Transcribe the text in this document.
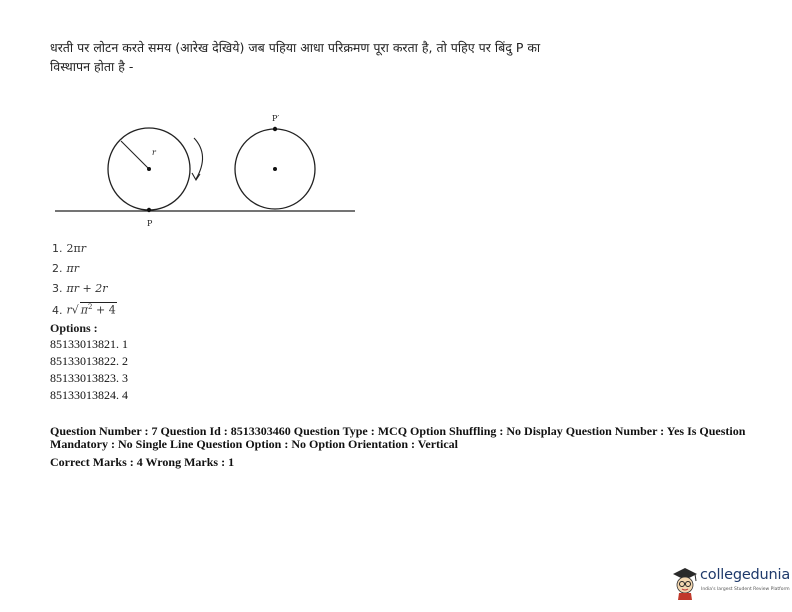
धरती पर लोटन करते समय (आरेख देखिये) जब पहिया आधा परिक्रमण पूरा करता है, तो पहिए पर बिंदु P का
विस्थापन होता है -
r
P
P′
1. 2πr
2. πr
3. πr + 2r
4. r√ $\pi^2 + 4$
Options :
85133013821. 1
85133013822. 2
85133013823. 3
85133013824. 4
Question Number : 7 Question Id : 8513303460 Question Type : MCQ Option Shuffling : No Display Question Number : Yes Is Question Mandatory : No Single Line Question Option : No Option Orientation : Vertical
Correct Marks : 4 Wrong Marks : 1
collegedunia
India's largest Student Review Platform
